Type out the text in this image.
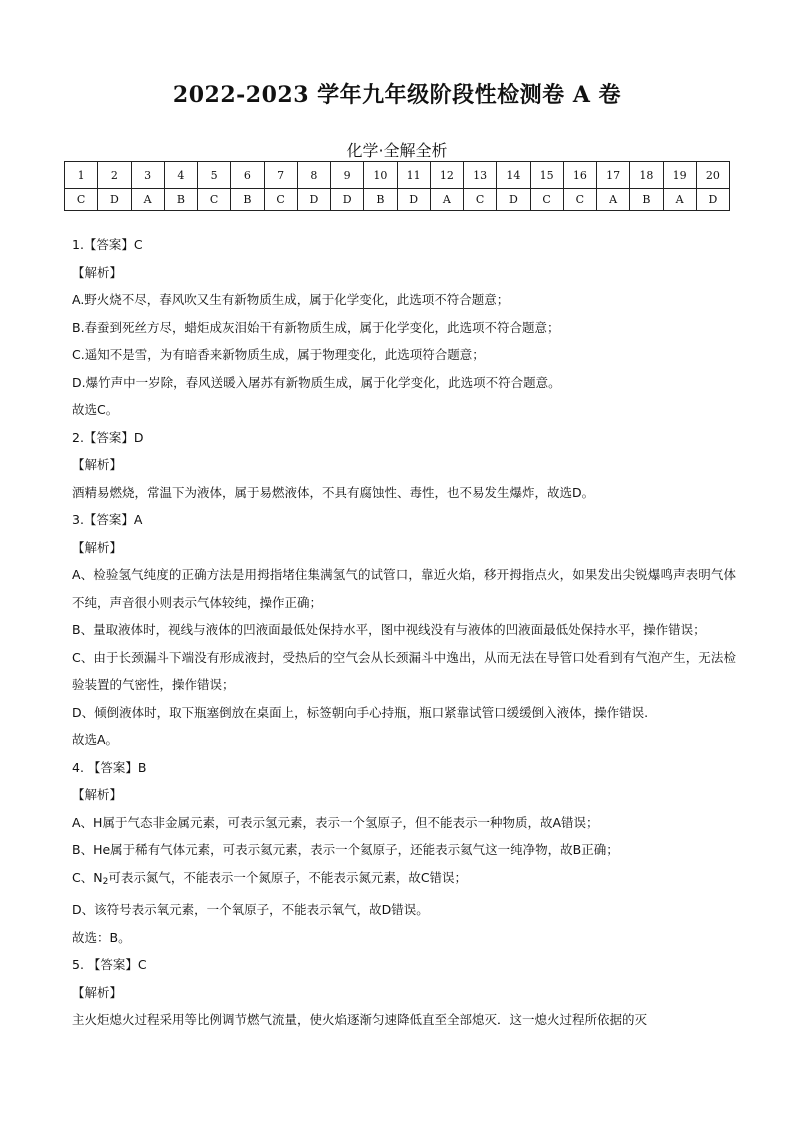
2022-2023 学年九年级阶段性检测卷 A 卷
化学·全解全析
1	2	3	4	5	6	7	8	9	10	11	12	13	14	15	16	17	18	19	20
C	D	A	B	C	B	C	D	D	B	D	A	C	D	C	C	A	B	A	D
1.【答案】C
【解析】
A.野火烧不尽，春风吹又生有新物质生成，属于化学变化，此选项不符合题意；
B.春蚕到死丝方尽，蜡炬成灰泪始干有新物质生成，属于化学变化，此选项不符合题意；
C.遥知不是雪，为有暗香来新物质生成，属于物理变化，此选项符合题意；
D.爆竹声中一岁除，春风送暖入屠苏有新物质生成，属于化学变化，此选项不符合题意。
故选C。
2.【答案】D
【解析】
酒精易燃烧，常温下为液体，属于易燃液体，不具有腐蚀性、毒性，也不易发生爆炸，故选D。
3.【答案】A
【解析】
A、检验氢气纯度的正确方法是用拇指堵住集满氢气的试管口，靠近火焰，移开拇指点火，如果发出尖锐爆鸣声表明气体不纯，声音很小则表示气体较纯，操作正确；
B、量取液体时，视线与液体的凹液面最低处保持水平，图中视线没有与液体的凹液面最低处保持水平，操作错误；
C、由于长颈漏斗下端没有形成液封，受热后的空气会从长颈漏斗中逸出，从而无法在导管口处看到有气泡产生，无法检验装置的气密性，操作错误；
D、倾倒液体时，取下瓶塞倒放在桌面上，标签朝向手心持瓶，瓶口紧靠试管口缓缓倒入液体，操作错误.
故选A。
4. 【答案】B
【解析】
A、H属于气态非金属元素，可表示氢元素，表示一个氢原子，但不能表示一种物质，故A错误；
B、He属于稀有气体元素，可表示氦元素，表示一个氦原子，还能表示氦气这一纯净物，故B正确；
C、$N_2$可表示氮气，不能表示一个氮原子，不能表示氮元素，故C错误；
D、该符号表示氧元素，一个氧原子，不能表示氧气，故D错误。
故选：B。
5. 【答案】C
【解析】
主火炬熄火过程采用等比例调节燃气流量，使火焰逐渐匀速降低直至全部熄灭．这一熄火过程所依据的灭
